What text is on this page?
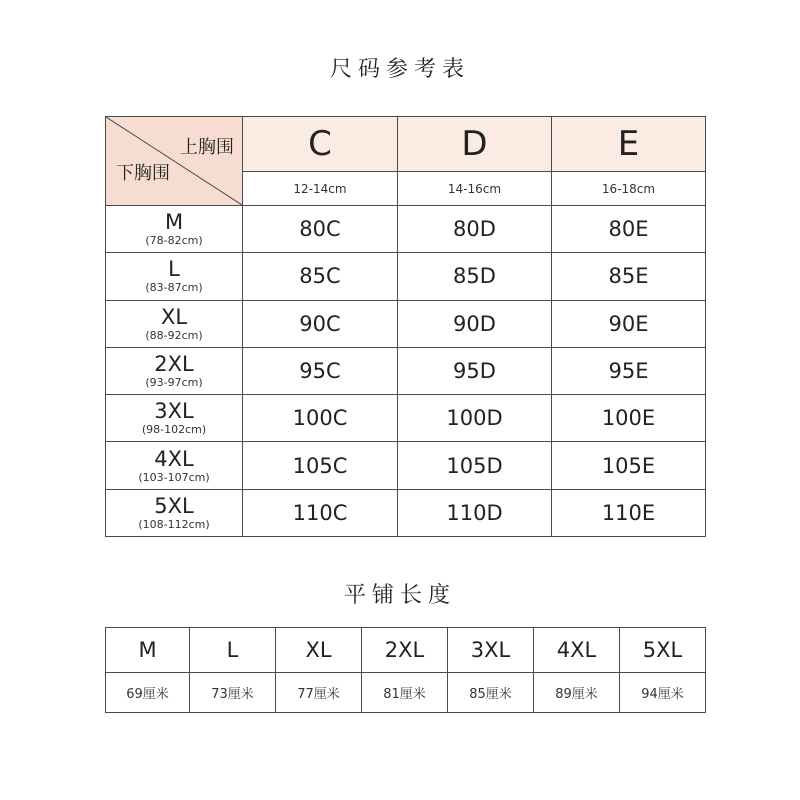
尺码参考表
上胸围
下胸围	C	D	E
	12-14cm	14-16cm	16-18cm

M
(78-82cm)	80C	80D	80E

L
(83-87cm)	85C	85D	85E

XL
(88-92cm)	90C	90D	90E

2XL
(93-97cm)	95C	95D	95E

3XL
(98-102cm)	100C	100D	100E

4XL
(103-107cm)	105C	105D	105E

5XL
(108-112cm)	110C	110D	110E
平铺长度
M	L	XL	2XL	3XL	4XL	5XL
69厘米	73厘米	77厘米	81厘米	85厘米	89厘米	94厘米
